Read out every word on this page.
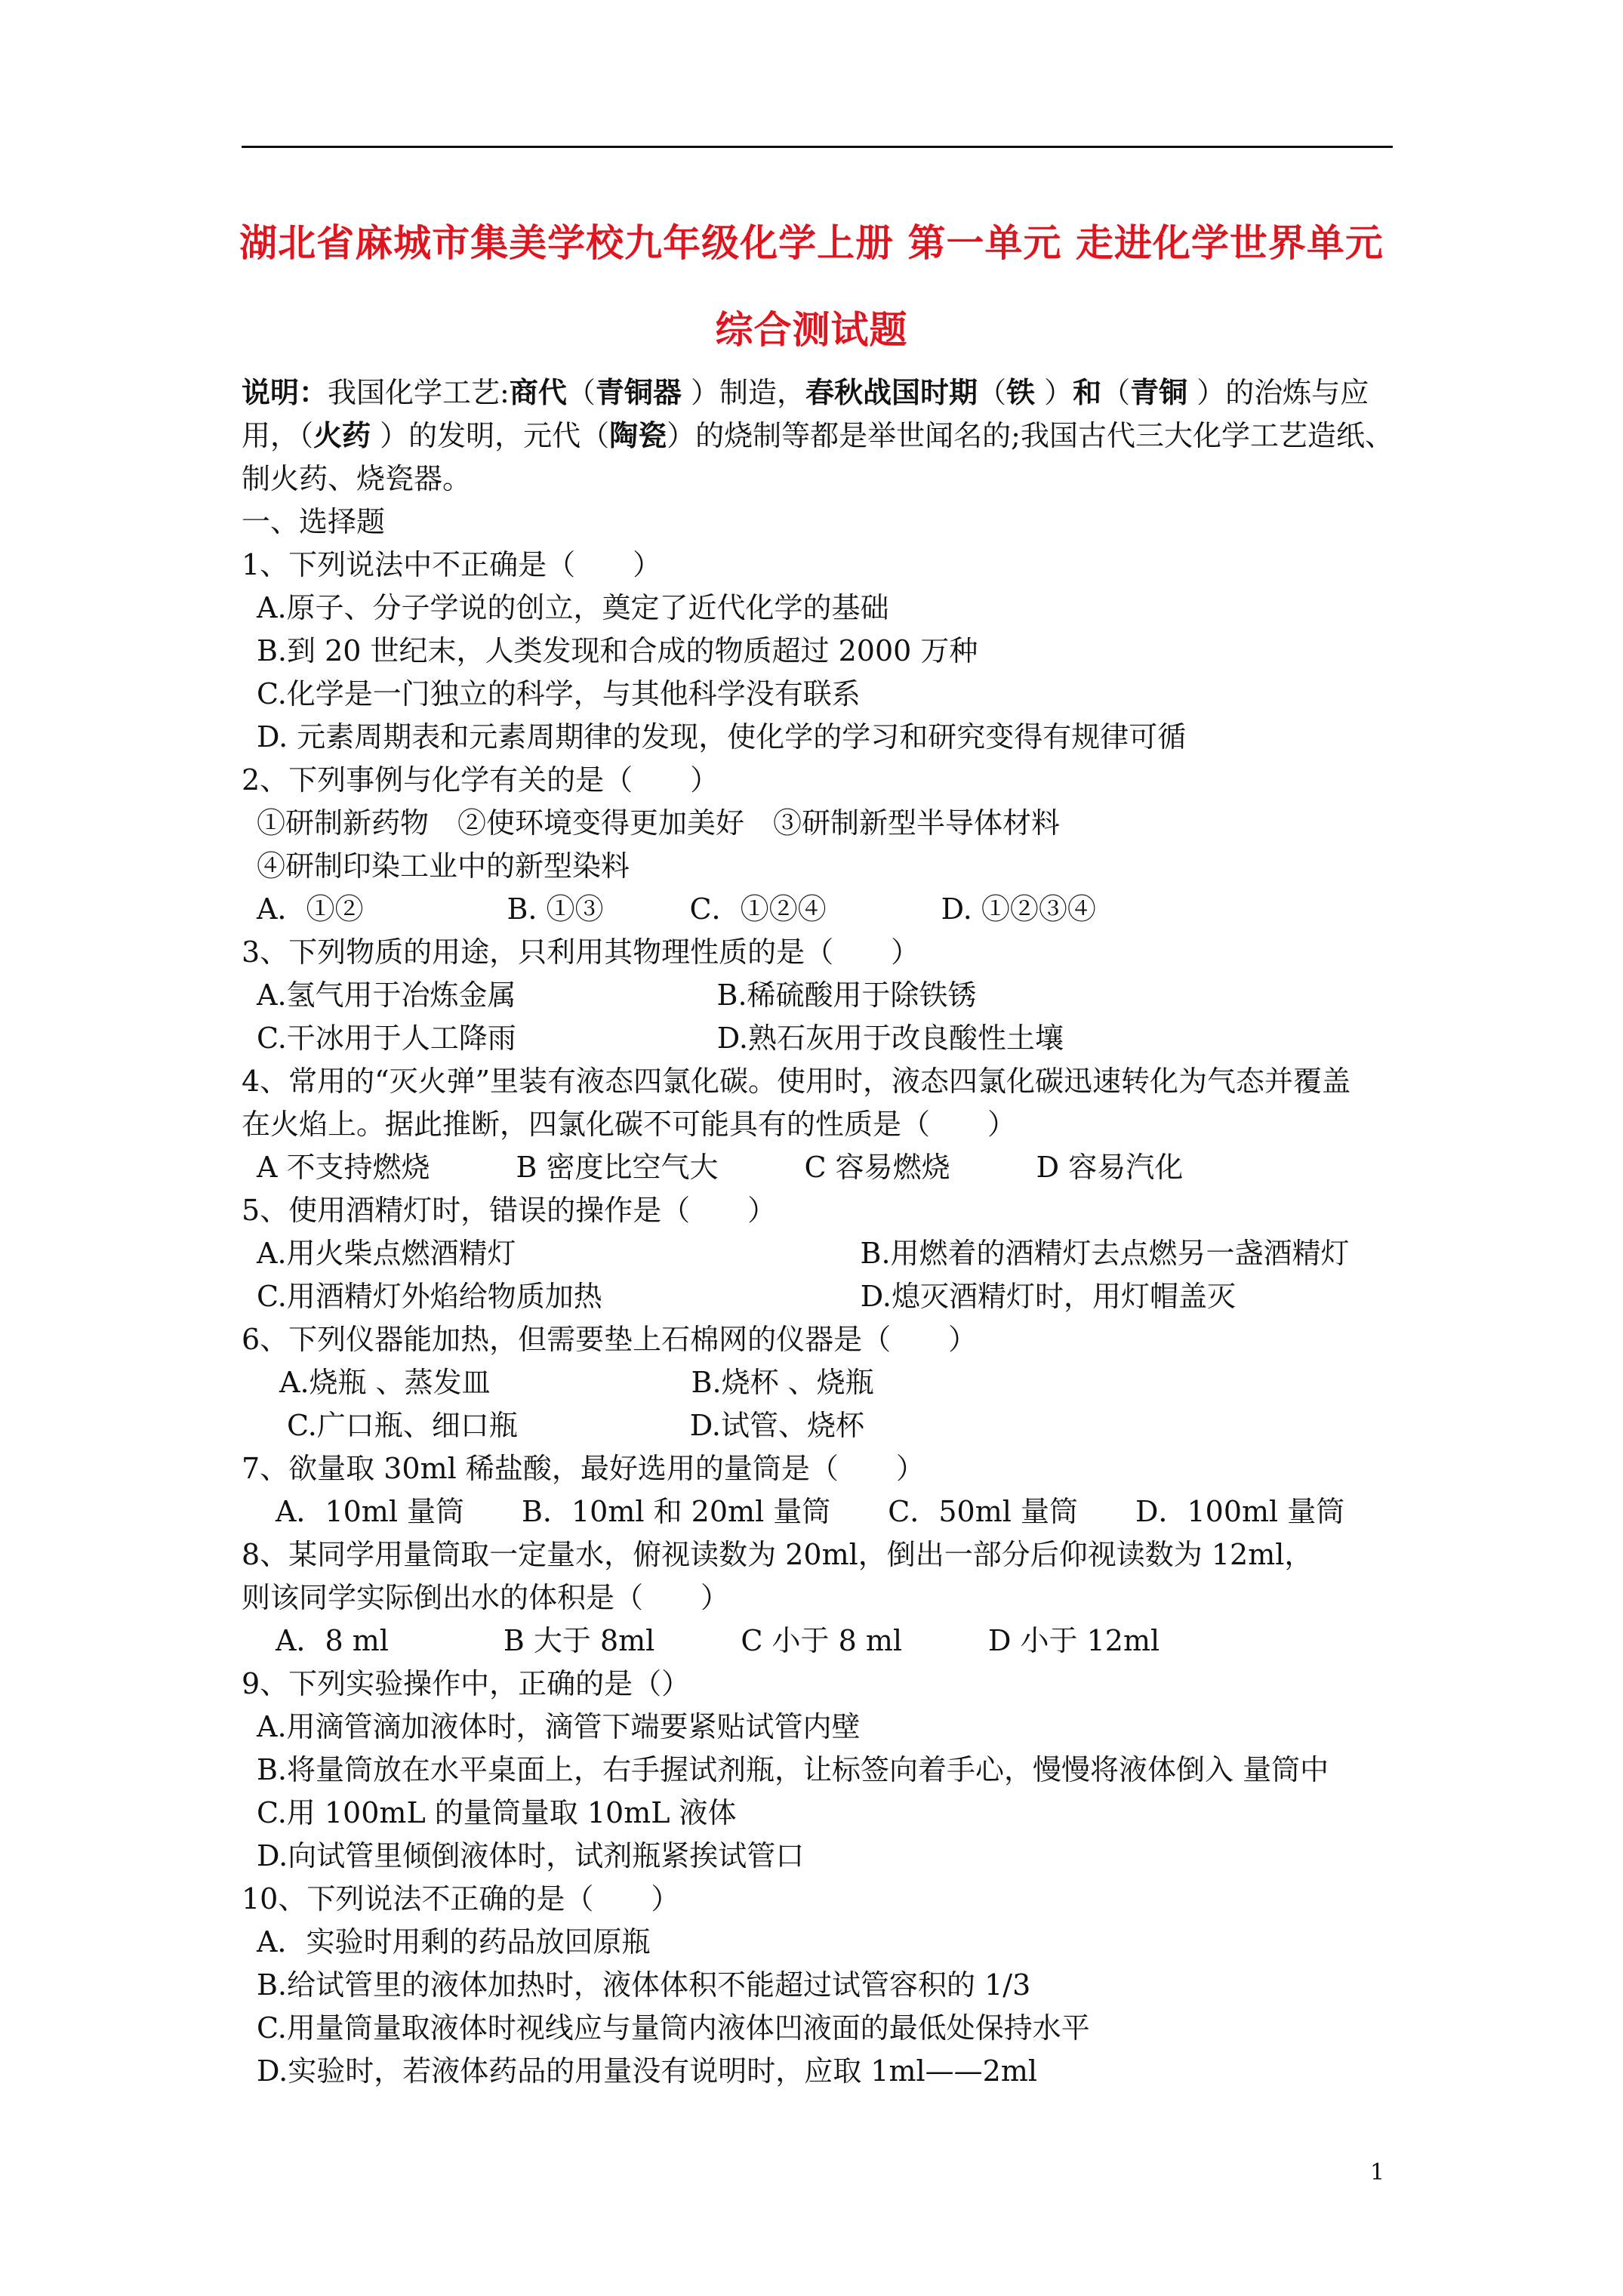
湖北省麻城市集美学校九年级化学上册 第一单元 走进化学世界单元
综合测试题
说明：我国化学工艺:商代（青铜器 ）制造，春秋战国时期（铁 ）和（青铜 ）的治炼与应
用，（火药 ）的发明，元代（陶瓷）的烧制等都是举世闻名的;我国古代三大化学工艺造纸、
制火药、烧瓷器。
一、选择题
1、下列说法中不正确是（　　）
A.原子、分子学说的创立，奠定了近代化学的基础
B.到 20 世纪末，人类发现和合成的物质超过 2000 万种
C.化学是一门独立的科学，与其他科学没有联系
D. 元素周期表和元素周期律的发现，使化学的学习和研究变得有规律可循
2、下列事例与化学有关的是（　　）
①研制新药物　②使环境变得更加美好　③研制新型半导体材料
④研制印染工业中的新型染料
A．①②　　　　　B. ①③　　　C．①②④　　　　D. ①②③④
3、下列物质的用途，只利用其物理性质的是（　　）
A.氢气用于冶炼金属　　　　　　　B.稀硫酸用于除铁锈
C.干冰用于人工降雨　　　　　　　D.熟石灰用于改良酸性土壤
4、常用的“灭火弹”里装有液态四氯化碳。使用时，液态四氯化碳迅速转化为气态并覆盖
在火焰上。据此推断，四氯化碳不可能具有的性质是（　　）
A 不支持燃烧　　　B 密度比空气大　　　C 容易燃烧　　　D 容易汽化
5、使用酒精灯时，错误的操作是（　　）
A.用火柴点燃酒精灯　　　　　　　　　　　　B.用燃着的酒精灯去点燃另一盏酒精灯
C.用酒精灯外焰给物质加热　　　　　　　　　D.熄灭酒精灯时，用灯帽盖灭
6、下列仪器能加热，但需要垫上石棉网的仪器是（　　）
A.烧瓶 、蒸发皿　　　　　　　B.烧杯 、烧瓶
C.广口瓶、细口瓶　　　　　　D.试管、烧杯
7、欲量取 30ml 稀盐酸，最好选用的量筒是（　　）
A．10ml 量筒　　B．10ml 和 20ml 量筒　　C．50ml 量筒　　D．100ml 量筒
8、某同学用量筒取一定量水，俯视读数为 20ml，倒出一部分后仰视读数为 12ml，
则该同学实际倒出水的体积是（　　）
A．8 ml　　　　B 大于 8ml　　　C 小于 8 ml　　　D 小于 12ml
9、下列实验操作中，正确的是（）
A.用滴管滴加液体时，滴管下端要紧贴试管内壁
B.将量筒放在水平桌面上，右手握试剂瓶，让标签向着手心，慢慢将液体倒入 量筒中
C.用 100mL 的量筒量取 10mL 液体
D.向试管里倾倒液体时，试剂瓶紧挨试管口
10、下列说法不正确的是（　　）
A．实验时用剩的药品放回原瓶
B.给试管里的液体加热时，液体体积不能超过试管容积的 1/3
C.用量筒量取液体时视线应与量筒内液体凹液面的最低处保持水平
D.实验时，若液体药品的用量没有说明时，应取 1ml——2ml
1
